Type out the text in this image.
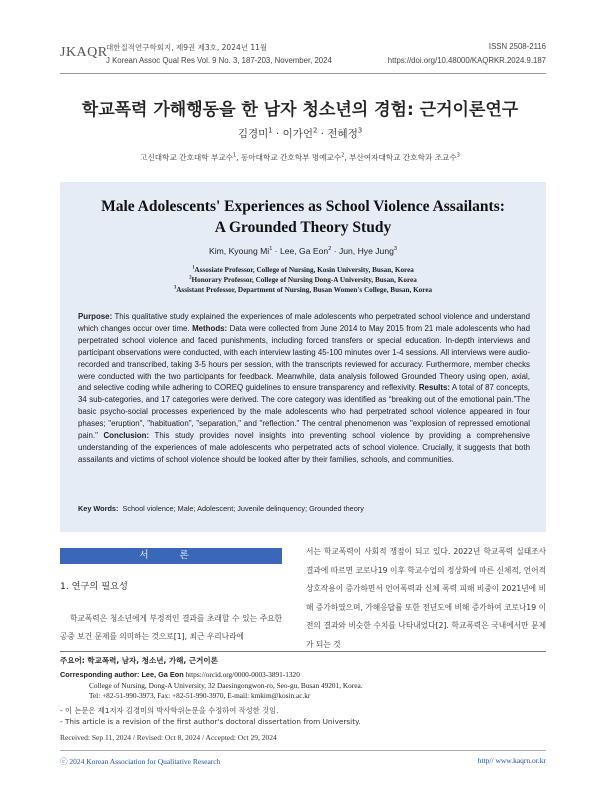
JKAQR
대한질적연구학회지, 제9권 제3호, 2024년 11월
J Korean Assoc Qual Res Vol. 9 No. 3, 187-203, November, 2024
ISSN 2508-2116
https://doi.org/10.48000/KAQRKR.2024.9.187
학교폭력 가해행동을 한 남자 청소년의 경험: 근거이론연구
김경미$^1$ · 이가언$^2$ · 전혜정$^3$
고신대학교 간호대학 부교수$^1$, 동아대학교 간호학부 명예교수$^2$, 부산여자대학교 간호학과 조교수$^3$
Male Adolescents' Experiences as School Violence Assailants:
A Grounded Theory Study
Kim, Kyoung $Mi^1$ · Lee, Ga Eon$^2$ · Jun, Hye Jung$^3$
$^1$Assosiate Professor, College of Nursing, Kosin University, Busan, Korea
$^2$Honorary Professor, College of Nursing Dong-A University, Busan, Korea
$^3$Assistant Professor, Department of Nursing, Busan Women's College, Busan, Korea
Purpose: This qualitative study explained the experiences of male adolescents who perpetrated school violence and understand which changes occur over time. Methods: Data were collected from June 2014 to May 2015 from 21 male adolescents who had perpetrated school violence and faced punishments, including forced transfers or special education. In-depth interviews and participant observations were conducted, with each interview lasting 45-100 minutes over 1-4 sessions. All interviews were audio-recorded and transcribed, taking 3-5 hours per session, with the transcripts reviewed for accuracy. Furthermore, member checks were conducted with the two participants for feedback. Meanwhile, data analysis followed Grounded Theory using open, axial, and selective coding while adhering to COREQ guidelines to ensure transparency and reflexivity. Results: A total of 87 concepts, 34 sub-categories, and 17 categories were derived. The core category was identified as “breaking out of the emotional pain.”The basic psycho-social processes experienced by the male adolescents who had perpetrated school violence appeared in four phases; "eruption", "habituation", "separation," and "reflection." The central phenomenon was "explosion of repressed emotional pain." Conclusion: This study provides novel insights into preventing school violence by providing a comprehensive understanding of the experiences of male adolescents who perpetrated acts of school violence. Crucially, it suggests that both assailants and victims of school violence should be looked after by their families, schools, and communities.
Key Words: School violence; Male; Adolescent; Juvenile delinquency; Grounded theory
서 론
1. 연구의 필요성
학교폭력은 청소년에게 부정적인 결과를 초래할 수 있는 주요한 공중 보건 문제를 의미하는 것으로[1], 최근 우리나라에
서는 학교폭력이 사회적 쟁점이 되고 있다. 2022년 학교폭력 실태조사 결과에 따르면 코로나19 이후 학교수업의 정상화에 따른 신체적, 언어적 상호작용이 증가하면서 언어폭력과 신체 폭력 피해 비중이 2021년에 비해 증가하였으며, 가해응답률 또한 전년도에 비해 증가하여 코로나19 이전의 결과와 비슷한 수치를 나타내었다[2]. 학교폭력은 국내에서만 문제가 되는 것
주요어: 학교폭력, 남자, 청소년, 가해, 근거이론
Corresponding author: Lee, Ga Eon https://orcid.org/0000-0003-3891-1320
College of Nursing, Dong-A University, 32 Daesingongwon-ro, Seo-gu, Busan 49201, Korea.
Tel: +82-51-990-3973, Fax: +82-51-990-3970, E-mail: kmkim@kosin.ac.kr
- 이 논문은 제1저자 김경미의 박사학위논문을 수정하여 작성한 것임.
- This article is a revision of the first author's doctoral dissertation from University.
Received: Sep 11, 2024 / Revised: Oct 8, 2024 / Accepted: Oct 29, 2024
ⓒ 2024 Korean Association for Qualitative Research	http// www.kaqrn.or.kr
